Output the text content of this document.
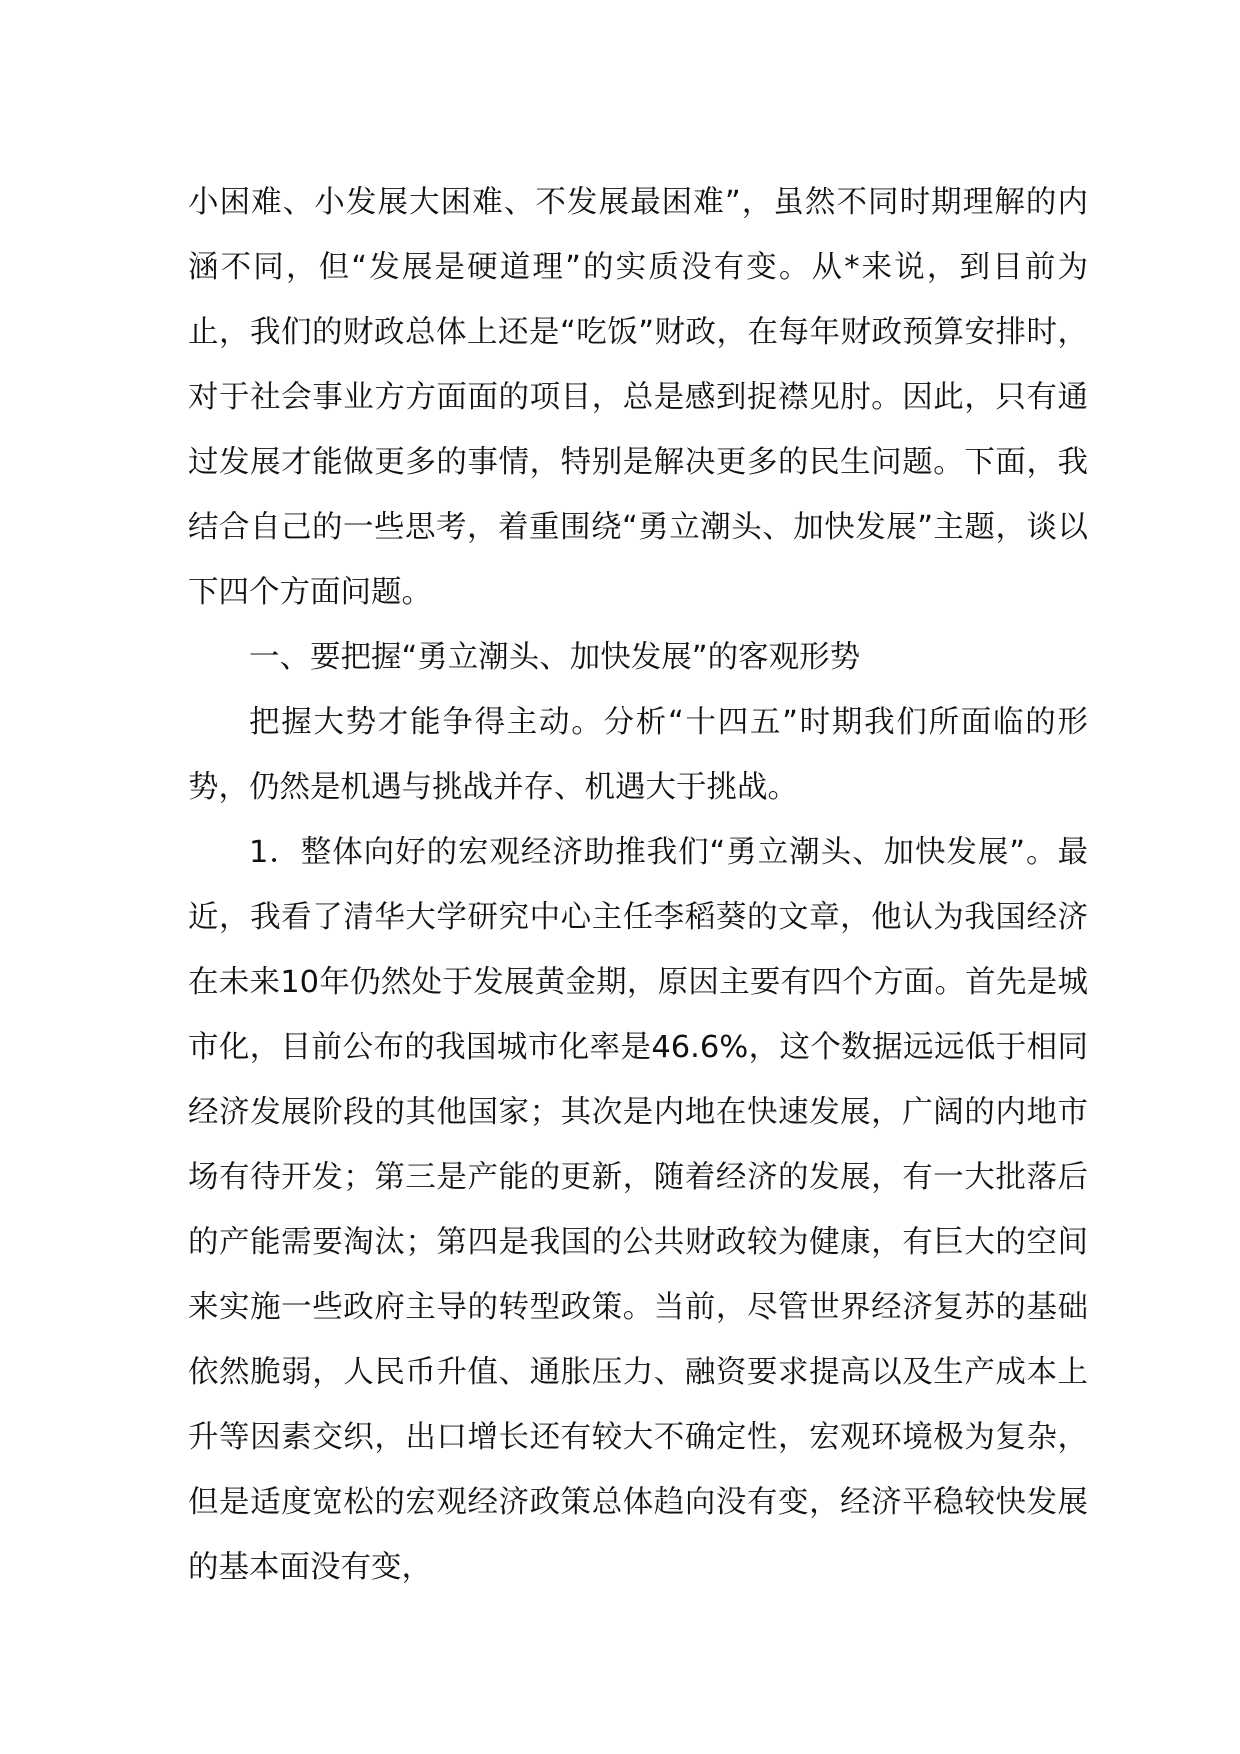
小困难、小发展大困难、不发展最困难”，虽然不同时期理解的内涵不同，但“发展是硬道理”的实质没有变。从*来说，到目前为止，我们的财政总体上还是“吃饭”财政，在每年财政预算安排时，对于社会事业方方面面的项目，总是感到捉襟见肘。因此，只有通过发展才能做更多的事情，特别是解决更多的民生问题。下面，我结合自己的一些思考，着重围绕“勇立潮头、加快发展”主题，谈以下四个方面问题。

一、要把握“勇立潮头、加快发展”的客观形势

把握大势才能争得主动。分析“十四五”时期我们所面临的形势，仍然是机遇与挑战并存、机遇大于挑战。

1．整体向好的宏观经济助推我们“勇立潮头、加快发展”。最近，我看了清华大学研究中心主任李稻葵的文章，他认为我国经济在未来10年仍然处于发展黄金期，原因主要有四个方面。首先是城市化，目前公布的我国城市化率是46.6%，这个数据远远低于相同经济发展阶段的其他国家；其次是内地在快速发展，广阔的内地市场有待开发；第三是产能的更新，随着经济的发展，有一大批落后的产能需要淘汰；第四是我国的公共财政较为健康，有巨大的空间来实施一些政府主导的转型政策。当前，尽管世界经济复苏的基础依然脆弱，人民币升值、通胀压力、融资要求提高以及生产成本上升等因素交织，出口增长还有较大不确定性，宏观环境极为复杂，但是适度宽松的宏观经济政策总体趋向没有变，经济平稳较快发展的基本面没有变，
